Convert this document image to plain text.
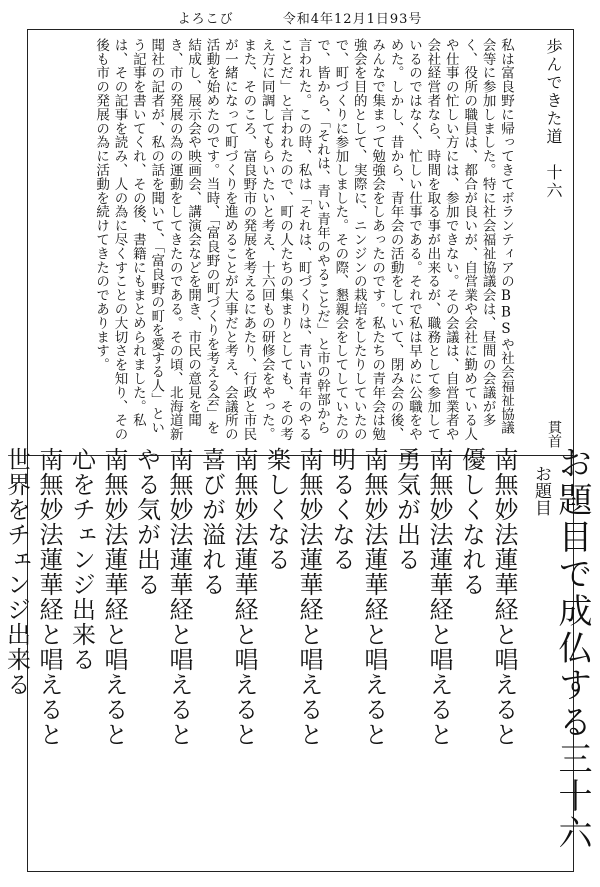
よろこび	令和4年12月1日93号
歩んできた道　十六
貫首
私は富良野に帰ってきてボランティアのBBSや社会福祉協議会等に参加しました。特に社会福祉協議会は、昼間の会議が多く、役所の職員は、都合が良いが、自営業や会社に勤めている人や仕事の忙しい方には、参加できない。その会議は、自営業者や会社経営者なら、時間を取る事が出来るが、職務として参加しているのではなく、忙しい仕事である。それで私は早めに公職をやめた。しかし、昔から、青年会の活動をしていて、閉み会の後、みんなで集まって勉強会をしあったのです。私たちの青年会は勉強会を目的として、実際に、ニンジンの栽培をしたりしていたので、町づくりに参加しました。その際、懇親会をしてしていたので、皆から、「それは、青い青年のやることだ」と市の幹部から言われた。この時、私は「それは、町づくりは、青い青年のやることだ」と言われたので、町の人たちの集まりとしても、その考え方に同調してもらいたいと考え、十六回もの研修会をやった。また、そのころ、富良野市の発展を考えるにあたり、行政と市民が一緒になって町づくりを進めることが大事だと考え、会議所の活動を始めたのです。当時、「富良野の町づくりを考える会」を結成し、展示会や映画会、講演会などを開き、市民の意見を聞き、市の発展の為の運動をしてきたのである。その頃、北海道新聞社の記者が、私の話を聞いて、「富良野の町を愛する人」という記事を書いてくれ、その後、書籍にもまとめられました。私は、その記事を読み、人の為に尽くすことの大切さを知り、その後も市の発展の為に活動を続けてきたのであります。
お題目で成仏する三十六
お題目

南無妙法蓮華経と唱えると

優しくなれる

南無妙法蓮華経と唱えると

勇気が出る

南無妙法蓮華経と唱えると

明るくなる

南無妙法蓮華経と唱えると

楽しくなる

南無妙法蓮華経と唱えると

喜びが溢れる

南無妙法蓮華経と唱えると

やる気が出る

南無妙法蓮華経と唱えると

心をチェンジ出来る

南無妙法蓮華経と唱えると

世界をチェンジ出来る
